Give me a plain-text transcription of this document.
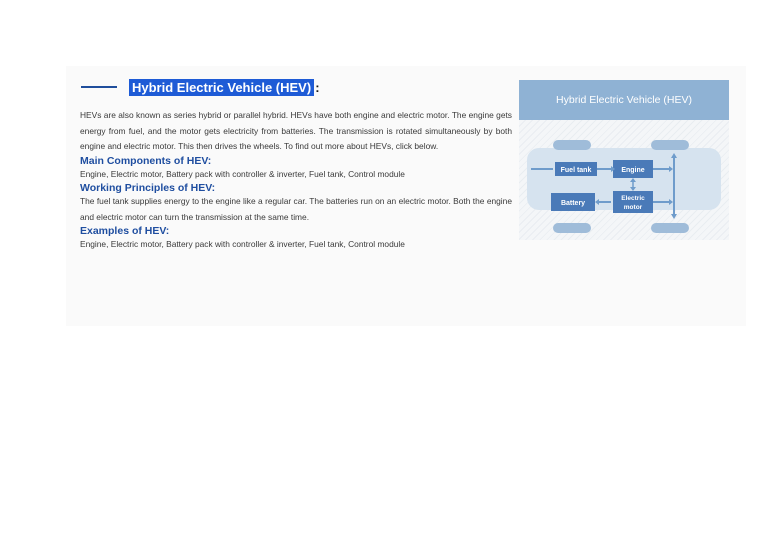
Hybrid Electric Vehicle (HEV) :

HEVs are also known as series hybrid or parallel hybrid. HEVs have both engine and electric motor. The engine gets energy from fuel, and the motor gets electricity from batteries. The transmission is rotated simultaneously by both engine and electric motor. This then drives the wheels. To find out more about HEVs, click below.

Main Components of HEV:

Engine, Electric motor, Battery pack with controller & inverter, Fuel tank, Control module

Working Principles of HEV:

The fuel tank supplies energy to the engine like a regular car. The batteries run on an electric motor. Both the engine and electric motor can turn the transmission at the same time.

Examples of HEV:

Engine, Electric motor, Battery pack with controller & inverter, Fuel tank, Control module

Hybrid Electric Vehicle (HEV)
Fuel tank	Engine
Battery
Electric
motor
